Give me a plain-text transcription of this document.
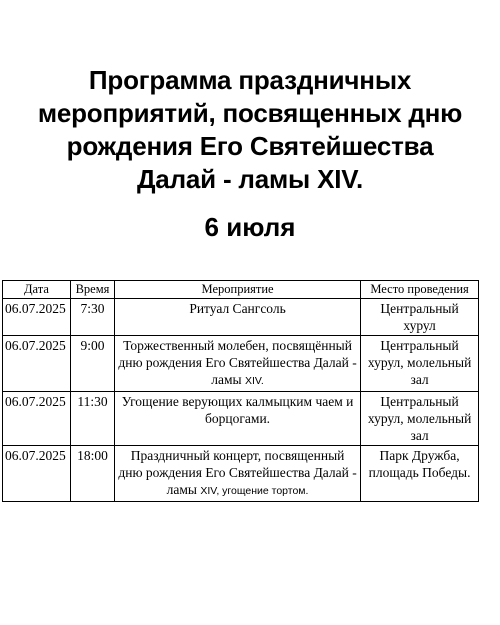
Программа праздничных
мероприятий, посвященных дню
рождения Его Святейшества
Далай - ламы XIV.
6 июля
Дата	Время	Мероприятие	Место проведения
06.07.2025	7:30	Ритуал Сангсоль	Центральный хурул
06.07.2025	9:00	Торжественный молебен, посвящённый дню рождения Его Святейшества Далай - ламы XIV.	Центральный хурул, молельный зал
06.07.2025	11:30	Угощение верующих калмыцким чаем и борцогами.	Центральный хурул, молельный зал
06.07.2025	18:00	Праздничный концерт, посвященный дню рождения Его Святейшества Далай - ламы XIV, угощение тортом.	Парк Дружба, площадь Победы.
